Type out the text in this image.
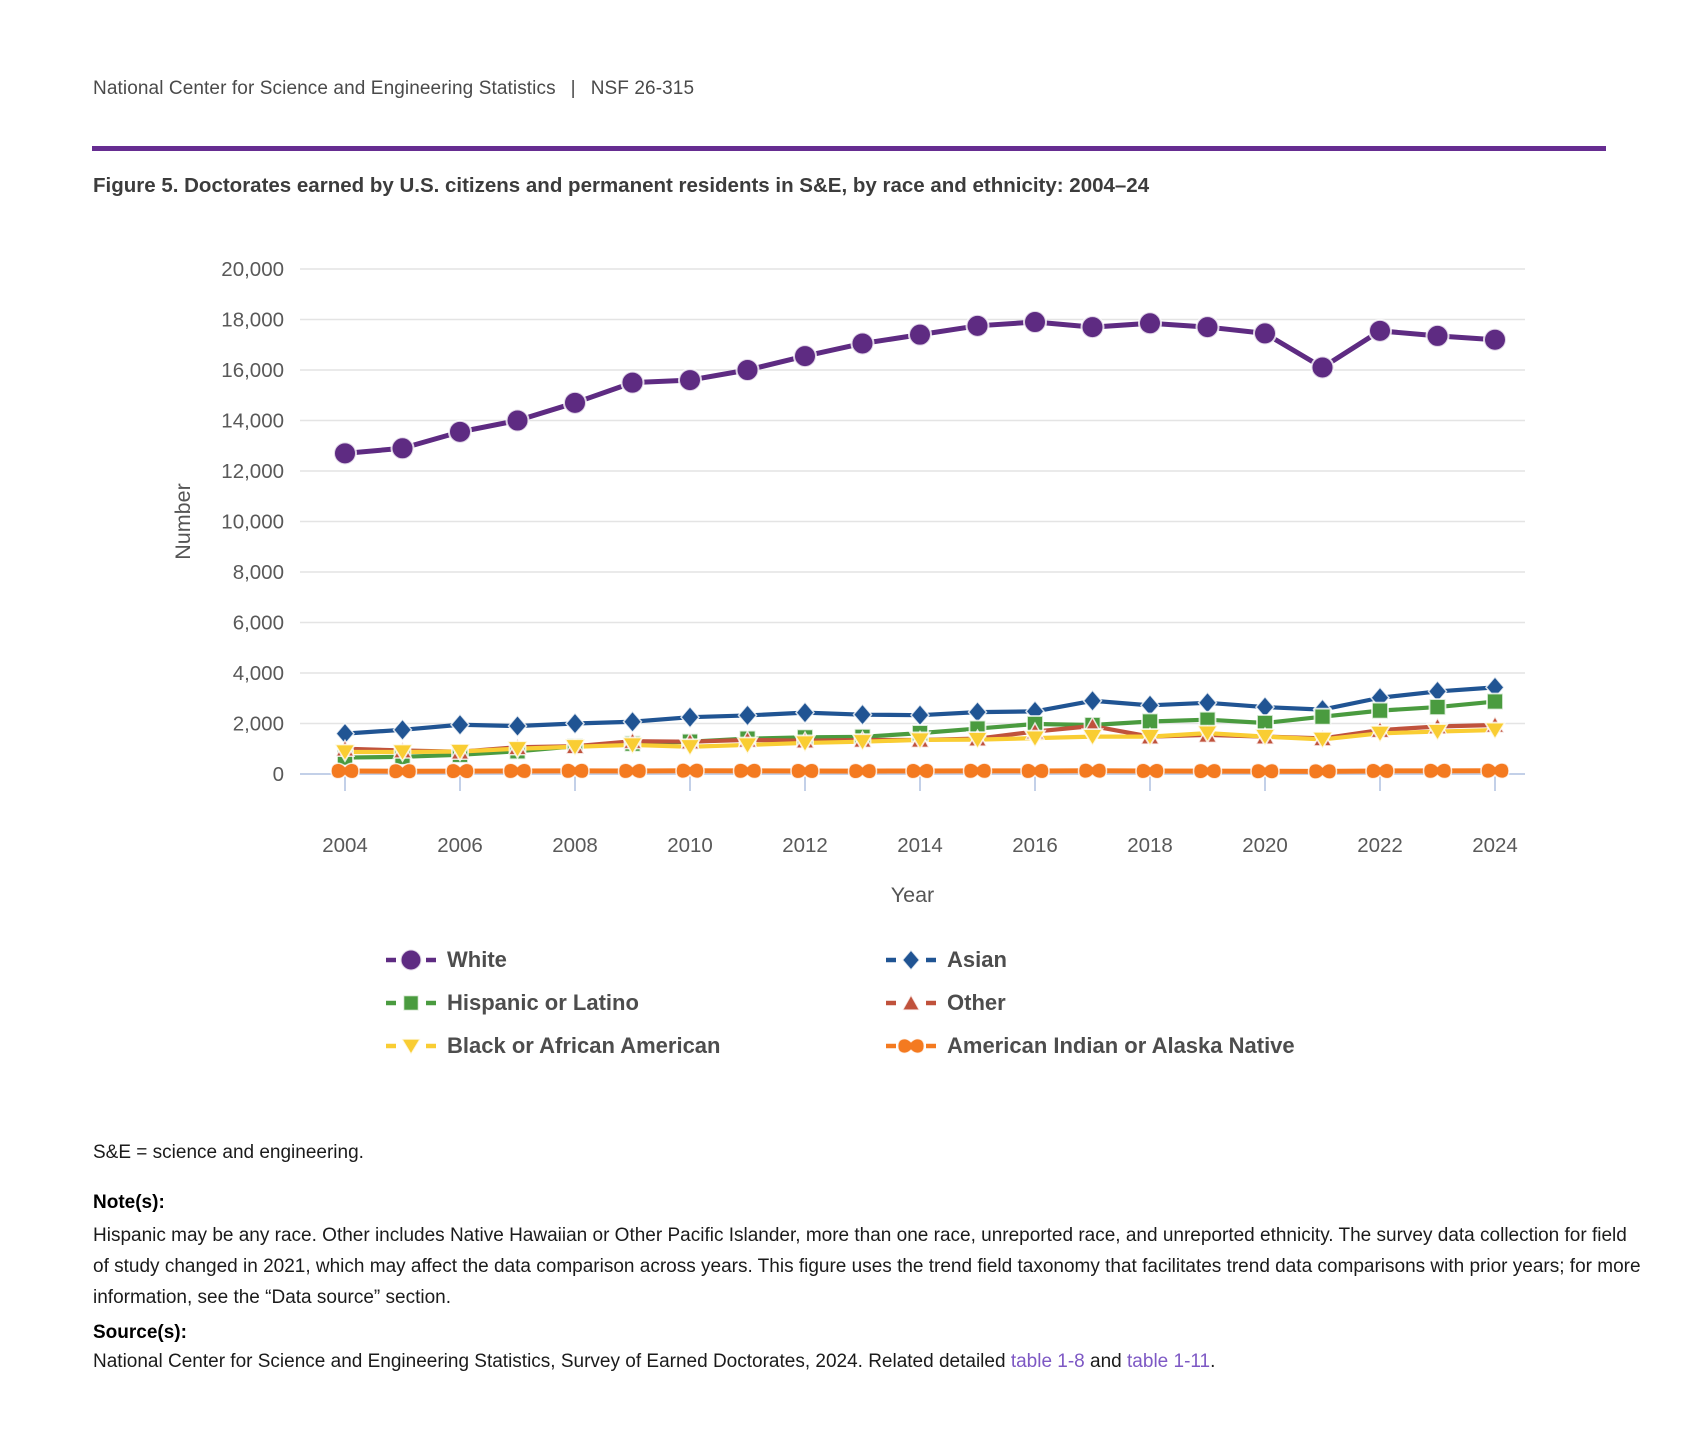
National Center for Science and Engineering Statistics  |  NSF 26-315
Figure 5. Doctorates earned by U.S. citizens and permanent residents in S&E, by race and ethnicity: 2004–24
0
2,000
4,000
6,000
8,000
10,000
12,000
14,000
16,000
18,000
20,000
2004	2006	2008	2010	2012	2014	2016	2018	2020	2022	2024
Number
Year
White	Asian
Hispanic or Latino	Other
Black or African American	American Indian or Alaska Native
S&E = science and engineering.
Note(s):
Hispanic may be any race. Other includes Native Hawaiian or Other Pacific Islander, more than one race, unreported race, and unreported ethnicity. The survey data collection for field of study changed in 2021, which may affect the data comparison across years. This figure uses the trend field taxonomy that facilitates trend data comparisons with prior years; for more information, see the “Data source” section.
Source(s):
National Center for Science and Engineering Statistics, Survey of Earned Doctorates, 2024. Related detailed table 1-8 and table 1-11.
